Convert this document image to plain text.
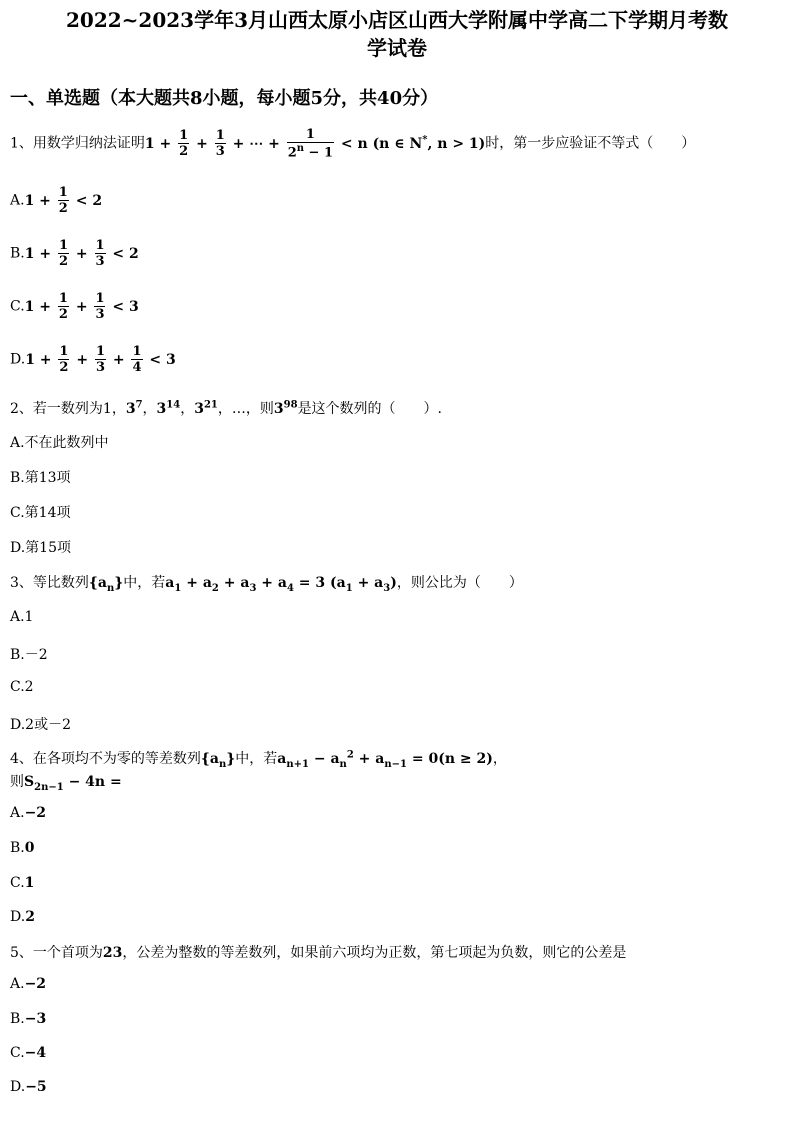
2022~2023学年3月山西太原小店区山西大学附属中学高二下学期月考数
学试卷
一、单选题（本大题共8小题，每小题5分，共40分）
1、用数学归纳法证明$1 + \frac{1}{2} + \frac{1}{3}$ + ⋯ + $\frac{1}{2^n - 1} < n$ (n ∈ N*, n > 1)时，第一步应验证不等式（　　）
$A.1 + \frac{1}{2} < 2$
$B.1 + \frac{1}{2} + \frac{1}{3} < 2$
$C.1 + \frac{1}{2} + \frac{1}{3} < 3$
$D.1 + \frac{1}{2} + \frac{1}{3} + \frac{1}{4} < 3$
2、若一数列为1，$3^7$，$3^{14}$，$3^{21}$，…，则$3^{98}$是这个数列的（　　）.
A.不在此数列中
B.第13项
C.第14项
D.第15项
3、等比数列$\{a_n\}$中，若$a_1 + a_2 + a_3 + a_4 = 3$ $(a_1 + a_3)$，则公比为（　　）
A.1
B.－2
C.2
D.2或－2
4、在各项均不为零的等差数列$\{a_n\}$中，若$a_{n+1} - a_n^2 + a_{n-1} = 0(n \ge 2)$，
则$S_{2n-1} - 4n$ =
A.−2
B.0
C.1
D.2
5、一个首项为23，公差为整数的等差数列，如果前六项均为正数，第七项起为负数，则它的公差是
A.−2
B.−3
C.−4
D.−5
